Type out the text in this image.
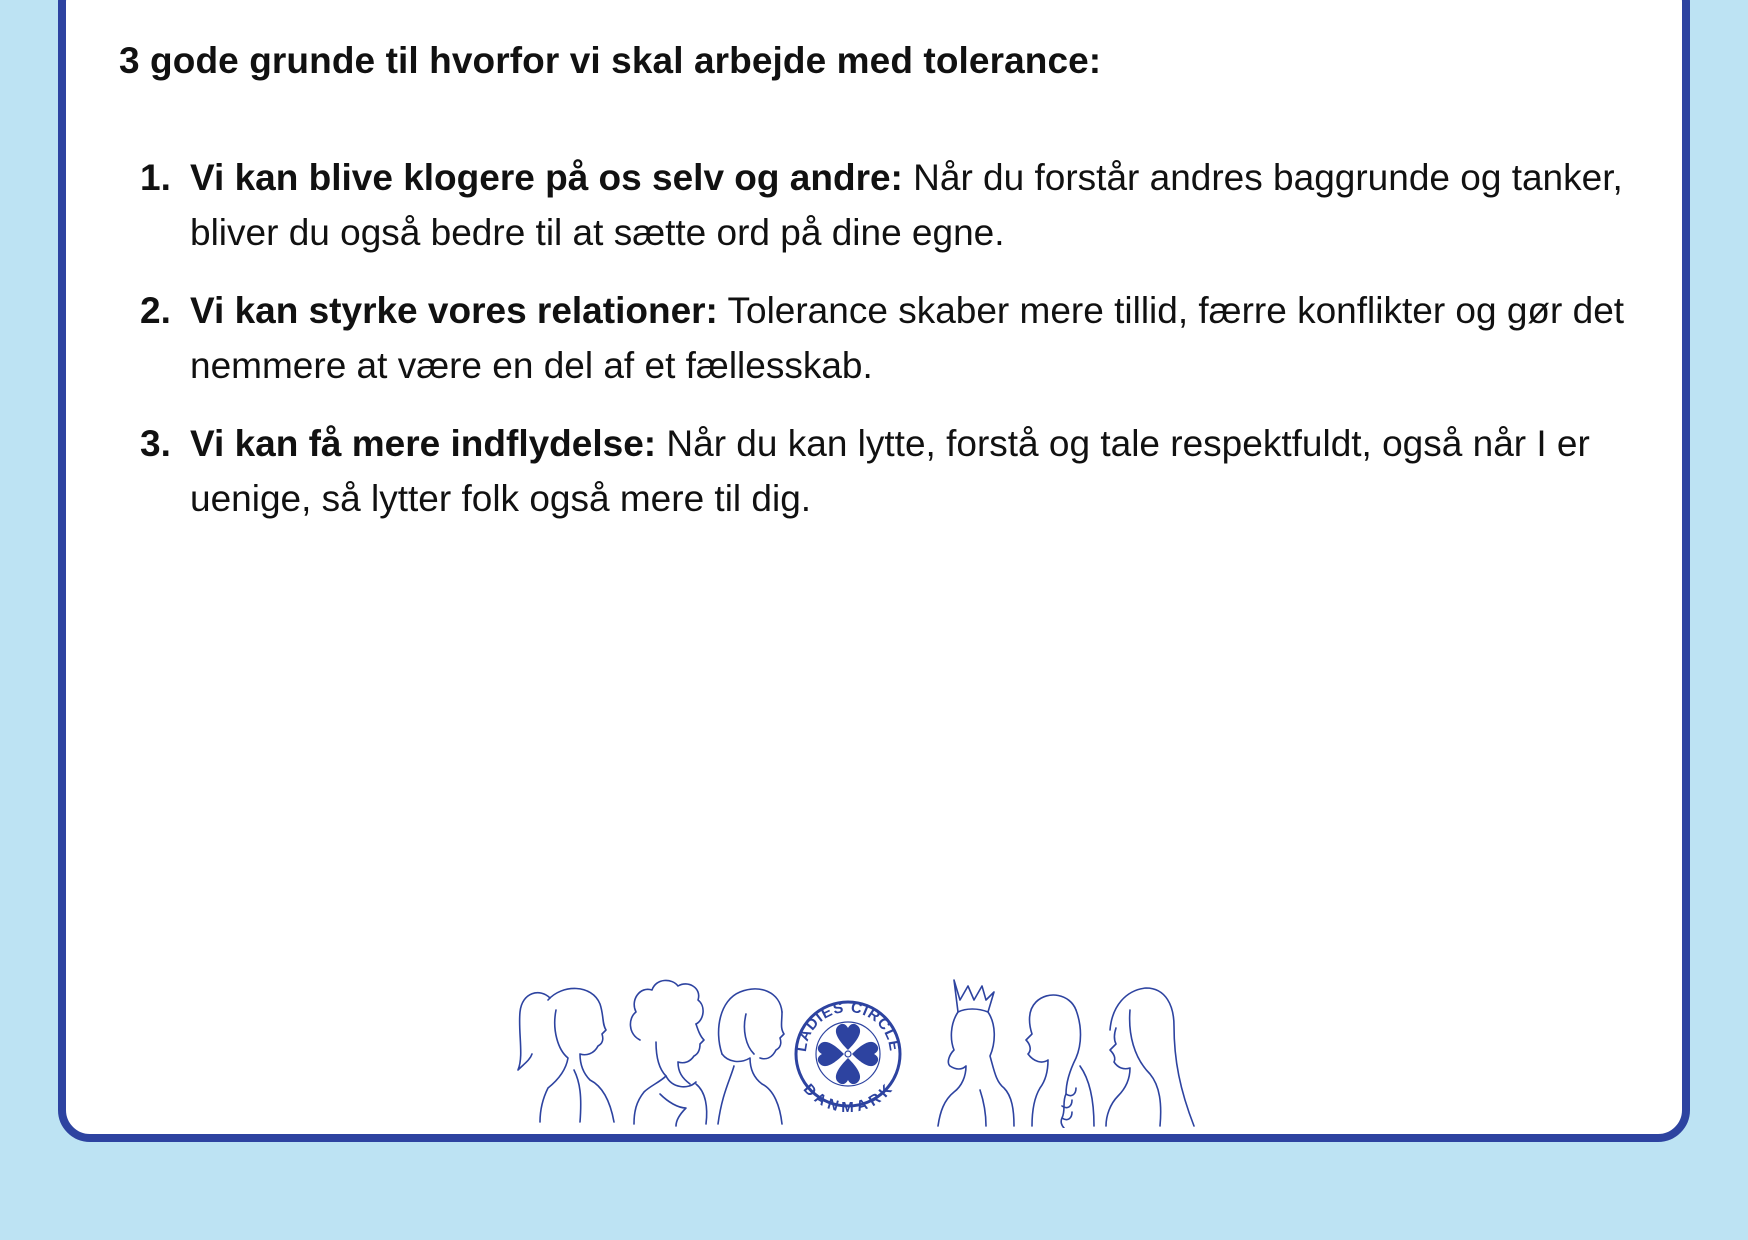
3 gode grunde til hvorfor vi skal arbejde med tolerance:
1. Vi kan blive klogere på os selv og andre: Når du forstår andres baggrunde og tanker, bliver du også bedre til at sætte ord på dine egne.
2. Vi kan styrke vores relationer: Tolerance skaber mere tillid, færre konflikter og gør det nemmere at være en del af et fællesskab.
3. Vi kan få mere indflydelse: Når du kan lytte, forstå og tale respektfuldt, også når I er uenige, så lytter folk også mere til dig.
LADIES CIRCLE
DANMARK
